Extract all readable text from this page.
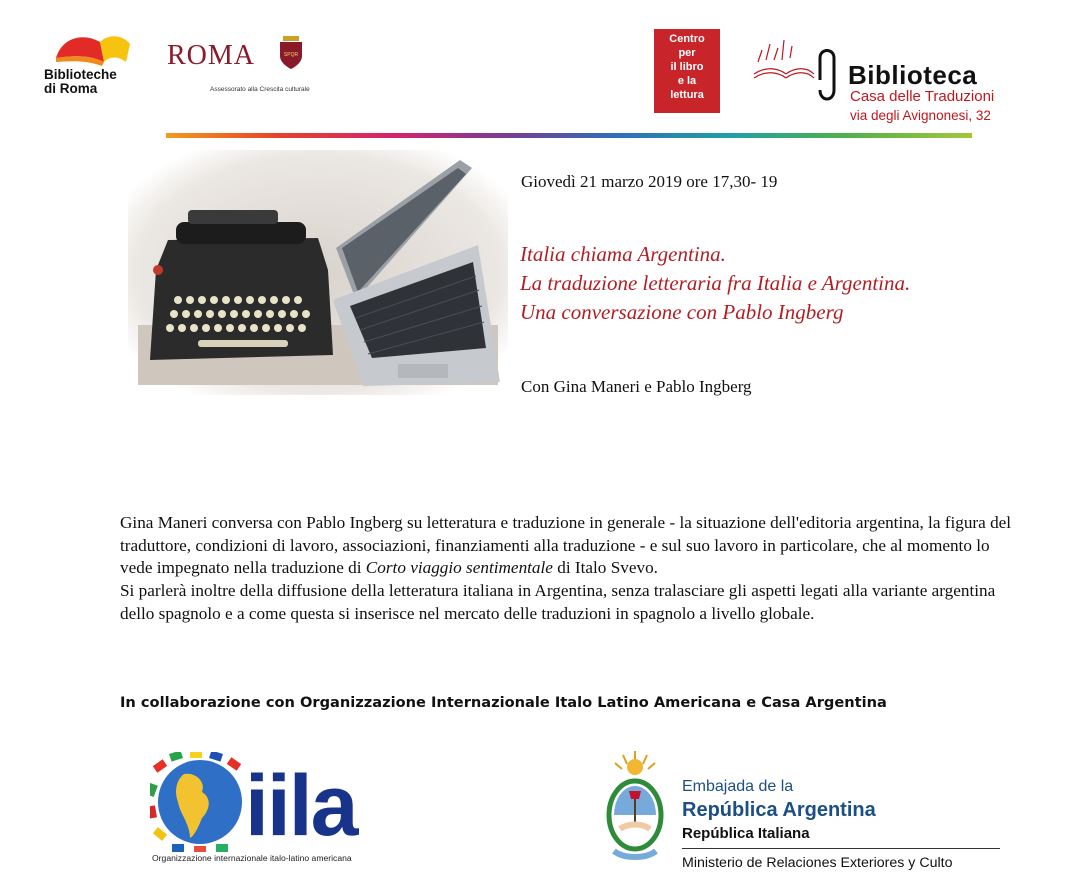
Biblioteche
di Roma
ROMA	SPQR
Assessorato alla Crescita culturale
Centro
per
il libro
e la
lettura
Biblioteca
Casa delle Traduzioni
via degli Avignonesi, 32
Giovedì 21 marzo 2019 ore 17,30- 19
Italia chiama Argentina.
La traduzione letteraria fra Italia e Argentina.
Una conversazione con Pablo Ingberg
Con Gina Maneri e Pablo Ingberg

Gina Maneri conversa con Pablo Ingberg su letteratura e traduzione in generale - la situazione dell'editoria argentina, la figura del traduttore, condizioni di lavoro, associazioni, finanziamenti alla traduzione - e sul suo lavoro in particolare, che al momento lo vede impegnato nella traduzione di Corto viaggio sentimentale di Italo Svevo.

Si parlerà inoltre della diffusione della letteratura italiana in Argentina, senza tralasciare gli aspetti legati alla variante argentina dello spagnolo e a come questa si inserisce nel mercato delle traduzioni in spagnolo a livello globale.

In collaborazione con Organizzazione Internazionale Italo Latino Americana e Casa Argentina
iila
Organizzazione internazionale italo-latino americana
Embajada de la
República Argentina
República Italiana
Ministerio de Relaciones Exteriores y Culto
